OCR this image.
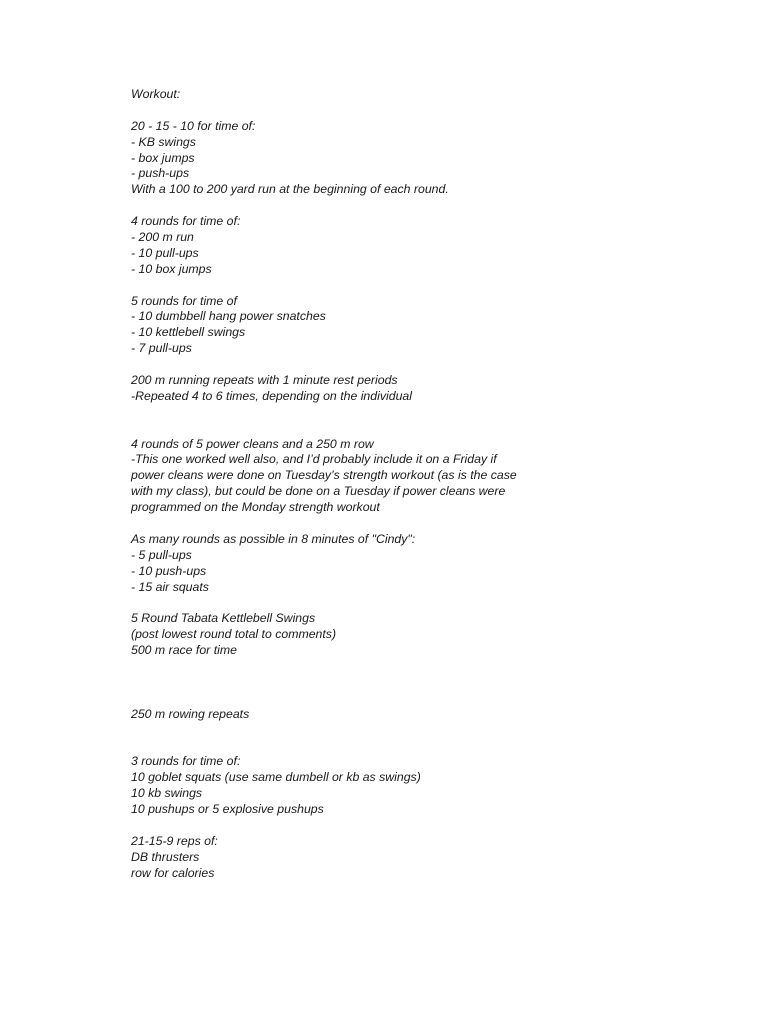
Workout:
20 - 15 - 10 for time of:
- KB swings
- box jumps
- push-ups
With a 100 to 200 yard run at the beginning of each round.
4 rounds for time of:
- 200 m run
- 10 pull-ups
- 10 box jumps
5 rounds for time of
- 10 dumbbell hang power snatches
- 10 kettlebell swings
- 7 pull-ups
200 m running repeats with 1 minute rest periods
-Repeated 4 to 6 times, depending on the individual
4 rounds of 5 power cleans and a 250 m row
-This one worked well also, and I’d probably include it on a Friday if
power cleans were done on Tuesday’s strength workout (as is the case
with my class), but could be done on a Tuesday if power cleans were
programmed on the Monday strength workout
As many rounds as possible in 8 minutes of "Cindy":
- 5 pull-ups
- 10 push-ups
- 15 air squats
5 Round Tabata Kettlebell Swings
(post lowest round total to comments)
500 m race for time
250 m rowing repeats
3 rounds for time of:
10 goblet squats (use same dumbell or kb as swings)
10 kb swings
10 pushups or 5 explosive pushups
21-15-9 reps of:
DB thrusters
row for calories
